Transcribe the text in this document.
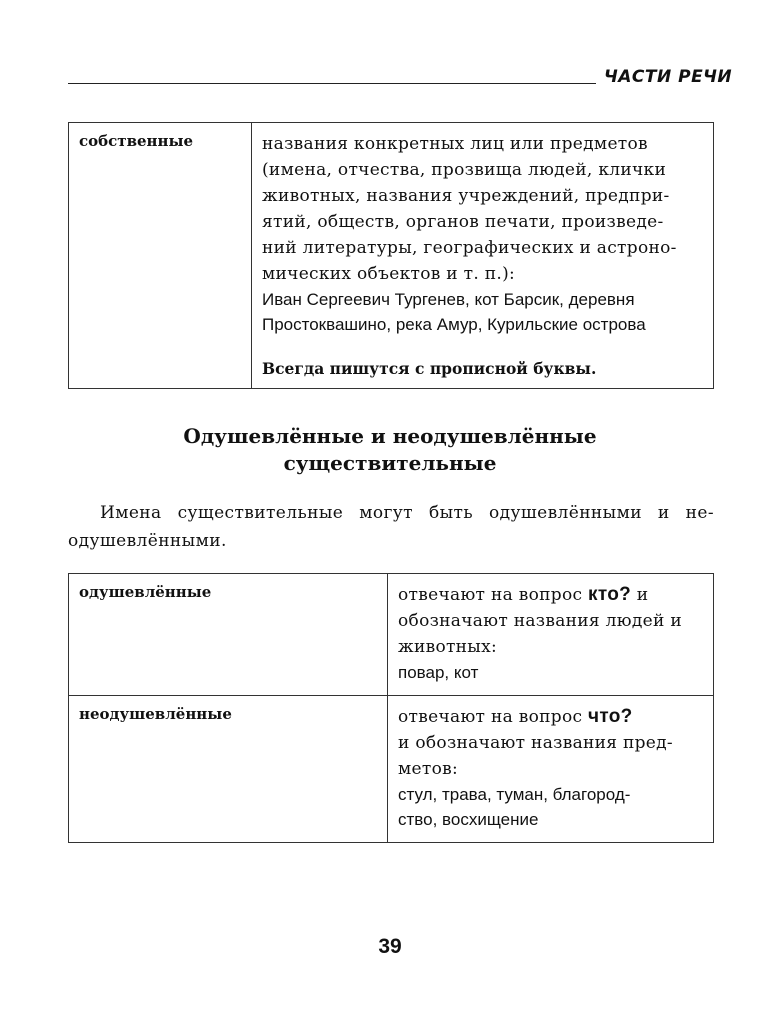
ЧАСТИ РЕЧИ
собственные	названия конкретных лиц или предметов
(имена, отчества, прозвища людей, клички
животных, названия учреждений, предпри-
ятий, обществ, органов печати, произведе-
ний литературы, географических и астроно-
мических объектов и т. п.):
Иван Сергеевич Тургенев, кот Барсик, деревня
Простоквашино, река Амур, Курильские острова
Всегда пишутся с прописной буквы.
Одушевлённые и неодушевлённые
существительные

Имена существительные могут быть одушевлёнными и не-одушевлёнными.

одушевлённые	отвечают на вопрос кто? и
обозначают названия людей и
животных:
повар, кот

неодушевлённые	отвечают на вопрос что?
и обозначают названия пред-
метов:
стул, трава, туман, благород-
ство, восхищение
39
